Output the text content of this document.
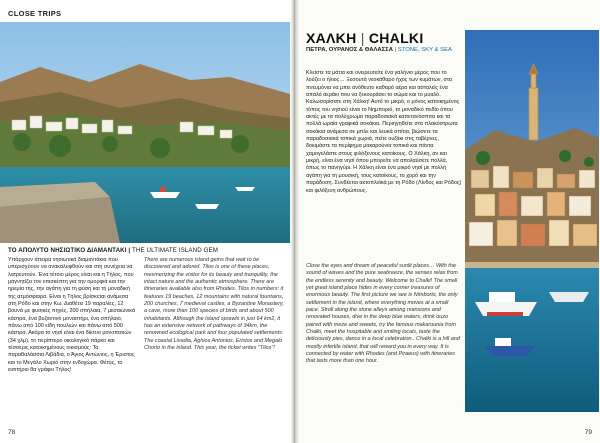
CLOSE TRIPS
ΤΟ ΑΠΟΛΥΤΟ ΝΗΣΙΩΤΙΚΟ ΔΙΑΜΑΝΤΑΚΙ | THE ULTIMATE ISLAND GEM
Υπάρχουν άπειρα νησιωτικά διαμαντάκια που υπερισχύουν να ανακαλυφθούν και στη συνέχεια να λατρευτούν. Ένα τέτοιο μέρος είναι και η Τήλος, που μαγνητίζει τον επισκέπτη για την ομορφιά και την ηρεμία της, την αγάπη για τη φύση και τη μοναδική της ατμόσφαιρα. Είναι η Τήλος βρίσκεται ανάμεσα στη Ρόδο και στην Κω. Διαθέτει 19 παραλίες, 12 βουνά με φυσικές πηγές, 200 σπήλαια, 7 μεσαιωνικά κάστρα, ένα βυζαντινό μοναστήρι, ένα σπήλαιο, πάνω από 100 είδη πουλιών και πάνω από 500 κάστρα. Ακόμα το νησί είναι ένα δίκτυο μονοπατιών (34 χλμ), το περίπτερο οικολογικό πάρκο και τέσσερις κατοικημένους οικισμούς: Τα παραθαλάσσια Λιβάδια, ο Άγιος Αντώνιος, η Έριστος και το Μεγάλο Χωριό στην ενδοχώρα. Φέτος, το εισιτήριο θα γράφει Τήλος!
There are numerous island gems that wait to be discovered and adored. Tilos is one of these places, mesmerizing the visitor for its beauty and tranquility, the intact nature and the authentic atmosphere. There are itineraries available also from Rhodes. Tilos in numbers: it features 19 beaches, 12 mountains with natural fountains, 200 churches, 7 medieval castles, a Byzantine Monastery, a cave, more than 100 species of birds and about 500 inhabitants. Although the island sprawls in just 64 km2, it has an extensive network of pathways of 34km, the renowned ecological park and four populated settlements: The coastal Livadia, Aghios Antonios, Eristos and Megalo Chorio in the inland. This year, the ticket writes "Tilos"!
78
ΧΑΛΚΗ | CHALKI
ΠΕΤΡΑ, ΟΥΡΑΝΟΣ & ΘΑΛΑΣΣΑ | STONE, SKY & SEA
Κλείστε τα μάτια και ονειρευτείτε ένα γαλήνιο μέρος που το λούζει ο ήλιος… Ξεσουτά νεοκάθαρο ήχος των κυμάτων, στα πνευμόνια να μπει ανόθευτο καθαρό αέρα και ασταλείς ένα απαλό αεράκι που να ξεκουράσει το σώμα και το μυαλό. Καλωσορίσατε στη Χάλκη! Αυτό το μικρό, ο μόνος κατοικημένος τόπος του νησιού είναι το Νημποριό, το μοναδικό πεδίο όπου ακτές με τα πολύχρωμα παραδοσιακά καπετανόσπιτα και τα πολλά ωραία γραφικά σοκάκια. Περιηγηθείτε στα πλακόστρωτα σοκάκια ανάμεσα σε μπλε και λευκά σπίτια, βιώσετε τα παραδοσιακά τοπικά χωριά, πείτε ουζάκι στις ταβέρνες, δοκιμάστε τα περίφημα μακαρούνια τοπικά και πάντα χαμογελάστε στους φιλόξενους κατοίκους. Ο Χάλκη, αν και μικρή, είναι ένα νησί όπου μπορείτε να απολαύσετε πολλά, όπως το πανηγύρι. Η Χάλκη είναι ένα μικρό νησί με πολλή αγάπη για τη μουσική, τους κατοίκους, το χορό και την παράδοση. Συνδέεται ακτοπλοϊκά με τη Ρόδο (Λίνδος και Ρόδος) και φιλόξενη ανθρώπους.
Close the eyes and dream of peaceful sunlit places… With the sound of waves and the pure seabreeze, the senses relax from the endless serenity and beauty. Welcome to Chalki! The small yet great island place hides in every corner treasures of enormous beauty. The first picture we see is Nimborio, the only settlement in the island, where everything moves at a small pace. Stroll along the stone alleys among mansions and renovated houses, dive in the deep blue waters, drink ouzo paired with meze and sweets, try the famous makarounia from Chalki, meet the hospitable and smiling locals, taste the deliciously pies, dance in a local celebration.. Chalki is a hill and mostly infertile island, that will reward you in every way. It is connected by water with Rhodes (and Piraeus) with itineraries that lasts more than one hour.
79
